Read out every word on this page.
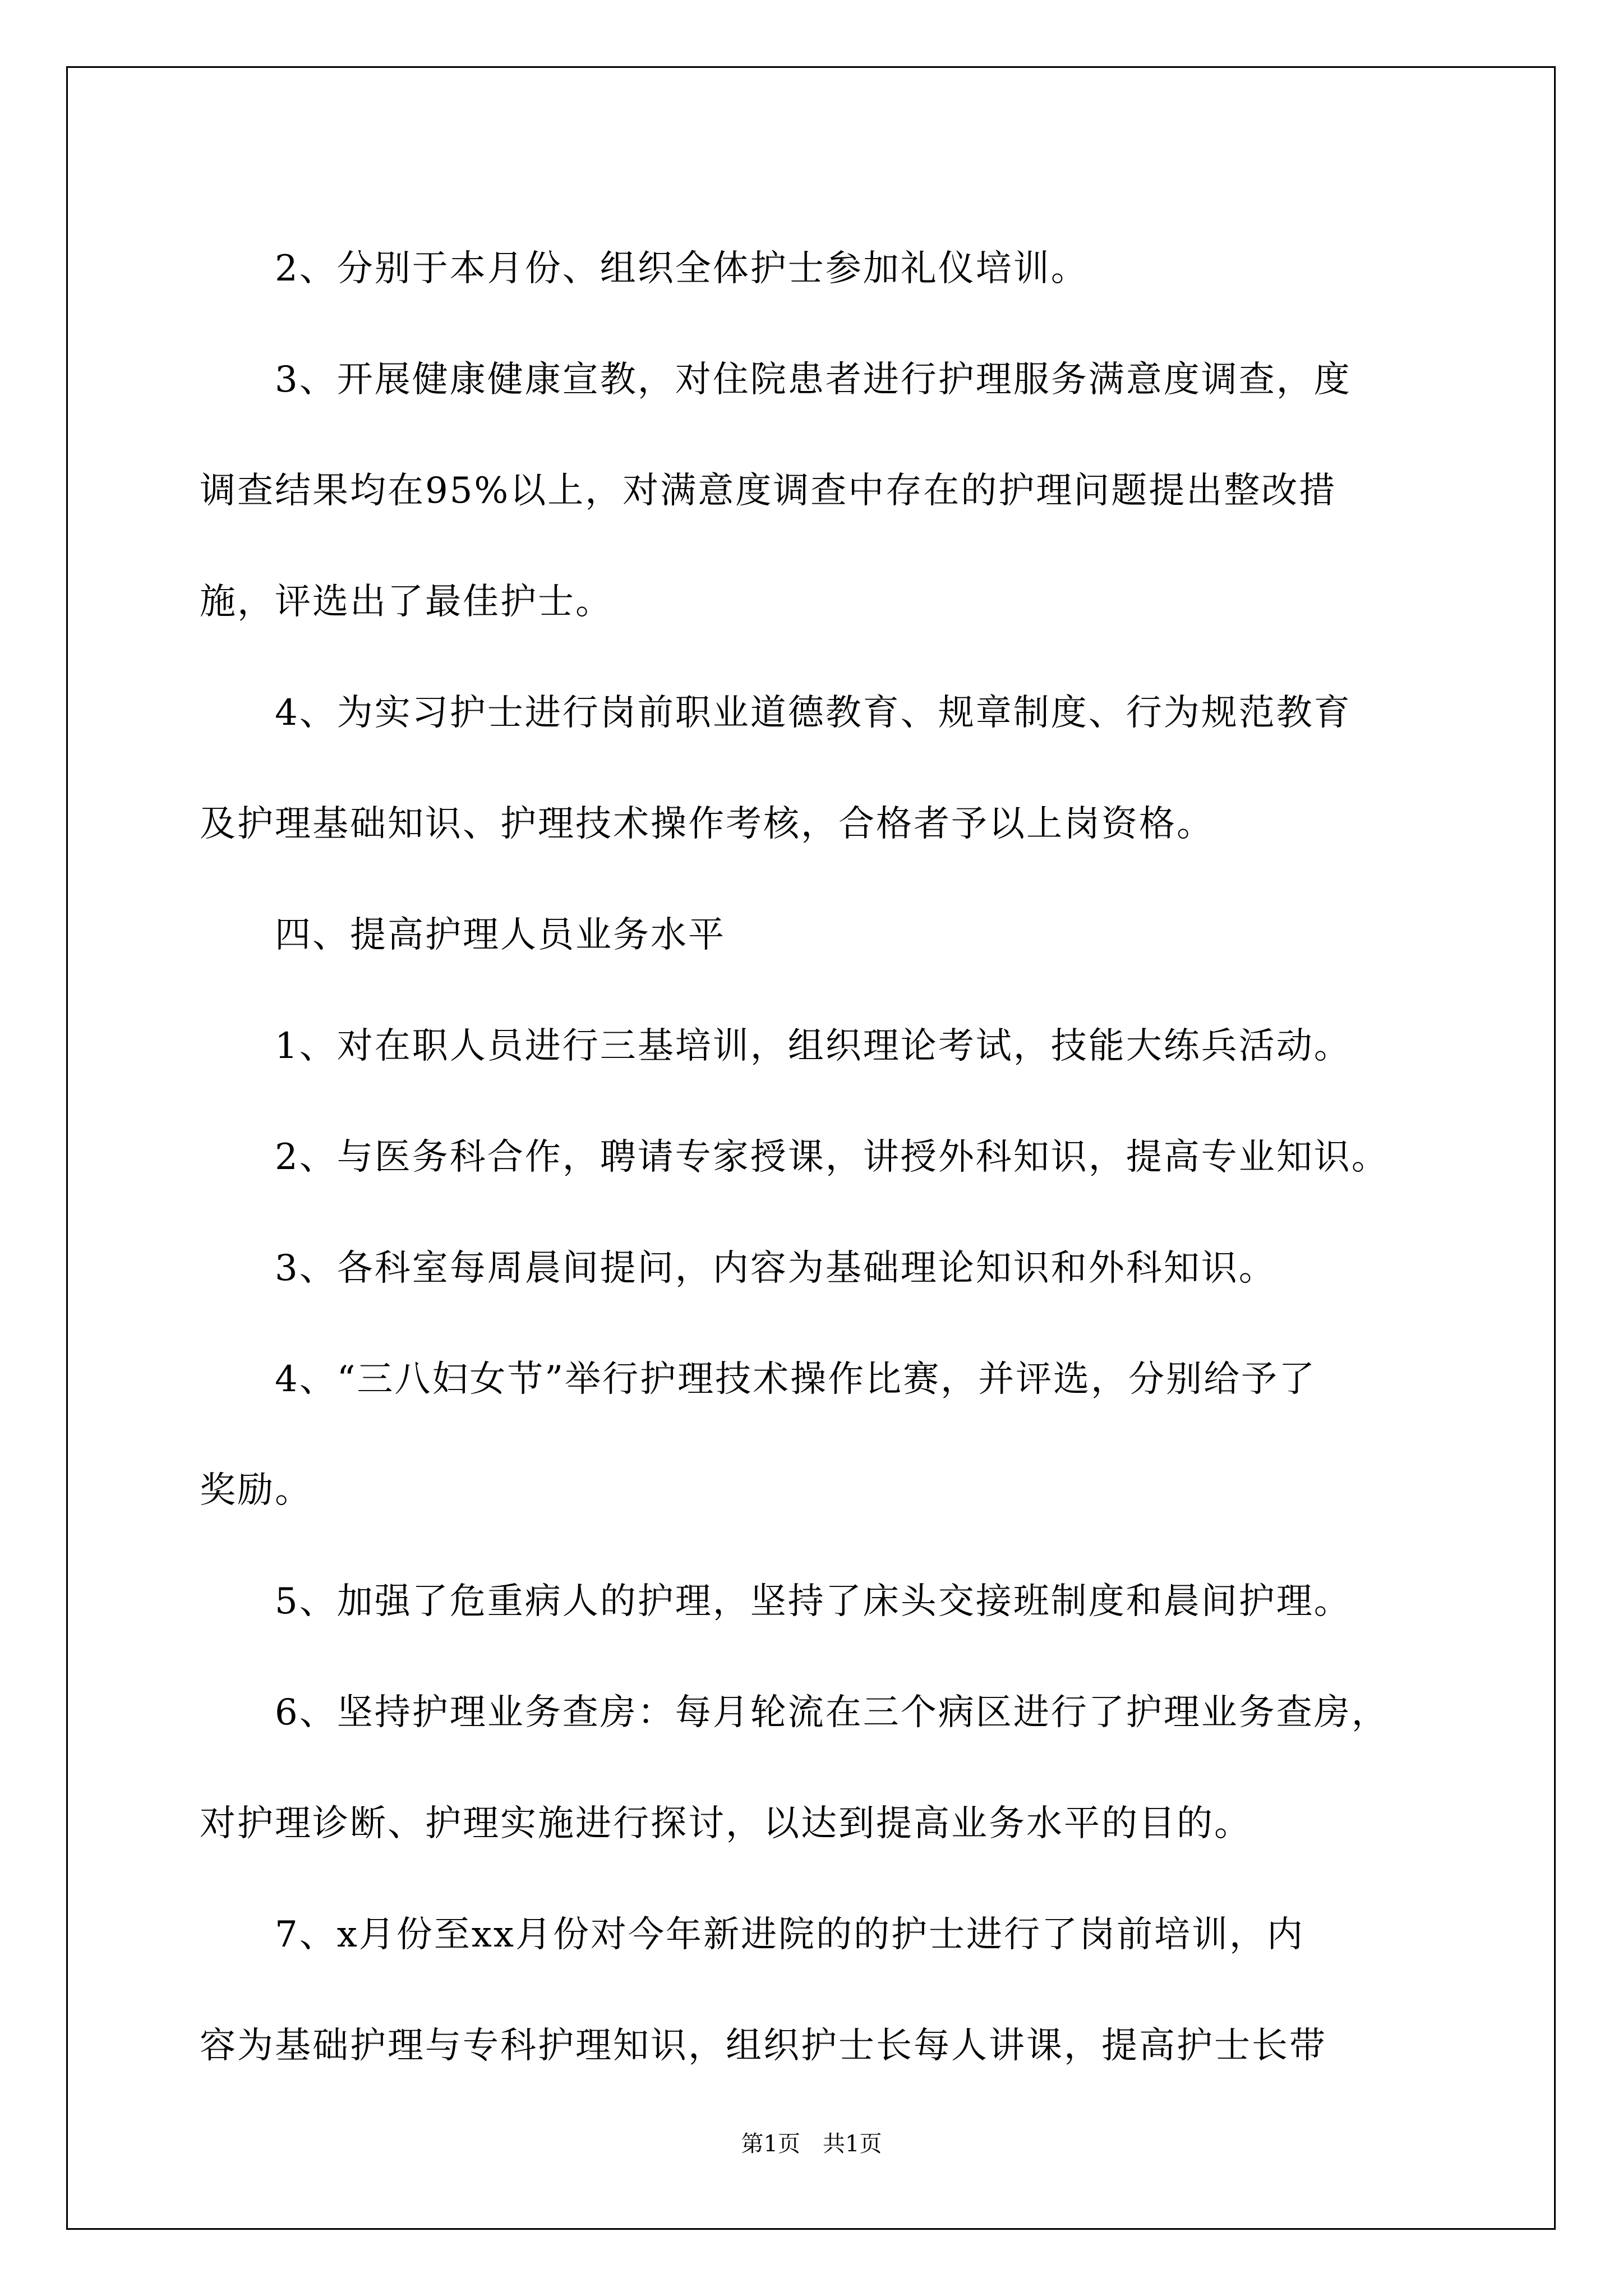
2、分别于本月份、组织全体护士参加礼仪培训。

3、开展健康健康宣教，对住院患者进行护理服务满意度调查，度

调查结果均在95%以上，对满意度调查中存在的护理问题提出整改措

施，评选出了最佳护士。

4、为实习护士进行岗前职业道德教育、规章制度、行为规范教育

及护理基础知识、护理技术操作考核，合格者予以上岗资格。

四、提高护理人员业务水平

1、对在职人员进行三基培训，组织理论考试，技能大练兵活动。

2、与医务科合作，聘请专家授课，讲授外科知识，提高专业知识。

3、各科室每周晨间提问，内容为基础理论知识和外科知识。

4、“三八妇女节”举行护理技术操作比赛，并评选，分别给予了

奖励。

5、加强了危重病人的护理，坚持了床头交接班制度和晨间护理。

6、坚持护理业务查房：每月轮流在三个病区进行了护理业务查房，

对护理诊断、护理实施进行探讨，以达到提高业务水平的目的。

7、x月份至xx月份对今年新进院的的护士进行了岗前培训，内

容为基础护理与专科护理知识，组织护士长每人讲课，提高护士长带

第1页　共1页
